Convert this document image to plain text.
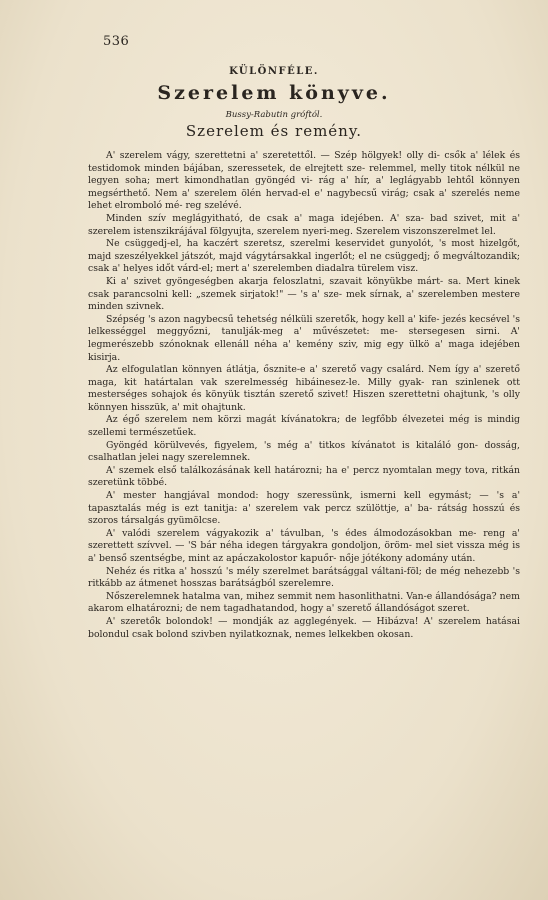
536
KÜLÖNFÉLE.
Szerelem könyve.
Bussy-Rabutin gróftól.
Szerelem és remény.

A' szerelem vágy, szerettetni a' szeretettől. — Szép hölgyek! olly di- csők a' lélek és testidomok minden bájában, szeressetek, de elrejtett sze- relemmel, melly titok nélkül ne legyen soha; mert kimondhatlan gyöngéd vi- rág a' hír, a' leglágyabb lehtől könnyen megsérthető. Nem a' szerelem ölén hervad-el e' nagybecsű virág; csak a' szerelés neme lehet elromboló mé- reg szelévé.

Minden szív meglágyitható, de csak a' maga idejében. A' sza- bad szivet, mit a' szerelem istenszikrájával fölgyujta, szerelem nyeri-meg. Szerelem viszonszerelmet lel.

Ne csüggedj-el, ha kaczért szeretsz, szerelmi keservidet gunyolót, 's most hizelgőt, majd szeszélyekkel játszót, majd vágytársakkal ingerlőt; el ne csüggedj; ő megváltozandik; csak a' helyes időt várd-el; mert a' szerelemben diadalra türelem visz.

Ki a' szivet gyöngeségben akarja feloszlatni, szavait könyükbe márt- sa. Mert kinek csak parancsolni kell: „szemek sirjatok!" — 's a' sze- mek sírnak, a' szerelemben mestere minden szivnek.

Szépség 's azon nagybecsű tehetség nélküli szeretők, hogy kell a' kife- jezés kecsével 's lelkességgel meggyőzni, tanulják-meg a' művészetet: me- stersegesen sirni. A' legmerészebb szónoknak ellenáll néha a' kemény sziv, mig egy ülkö a' maga idejében kisirja.

Az elfogulatlan könnyen átlátja, ősznite-e a' szerető vagy csalárd. Nem így a' szerető maga, kit határtalan vak szerelmesség hibáinesez-le. Milly gyak- ran szinlenek ott mesterséges sohajok és könyük tisztán szerető szivet! Hiszen szerettetni ohajtunk, 's olly könnyen hisszük, a' mit ohajtunk.

Az égő szerelem nem körzi magát kívánatokra; de legfőbb élvezetei még is mindig szellemi természetűek.

Gyöngéd körülvevés, figyelem, 's még a' titkos kívánatot is kitaláló gon- dosság, csalhatlan jelei nagy szerelemnek.

A' szemek első találkozásának kell határozni; ha e' percz nyomtalan megy tova, ritkán szeretünk többé.

A' mester hangjával mondod: hogy szeressünk, ismerni kell egymást; — 's a' tapasztalás még is ezt tanitja: a' szerelem vak percz szülöttje, a' ba- rátság hosszú és szoros társalgás gyümölcse.

A' valódi szerelem vágyakozik a' távulban, 's édes álmodozásokban me- reng a' szerettett szívvel. — 'S bár néha idegen tárgyakra gondoljon, öröm- mel siet vissza még is a' benső szentségbe, mint az apáczakolostor kapuőr- nője jótékony adomány után.

Nehéz és ritka a' hosszú 's mély szerelmet barátsággal váltani-föl; de még nehezebb 's ritkább az átmenet hosszas barátságból szerelemre.

Nőszerelemnek hatalma van, mihez semmit nem hasonlithatni. Van-e állandósága? nem akarom elhatározni; de nem tagadhatandod, hogy a' szerető állandóságot szeret.

A' szeretők bolondok! — mondják az agglegények. — Hibázva! A' szerelem hatásai bolondul csak bolond szivben nyilatkoznak, nemes lelkekben okosan.
